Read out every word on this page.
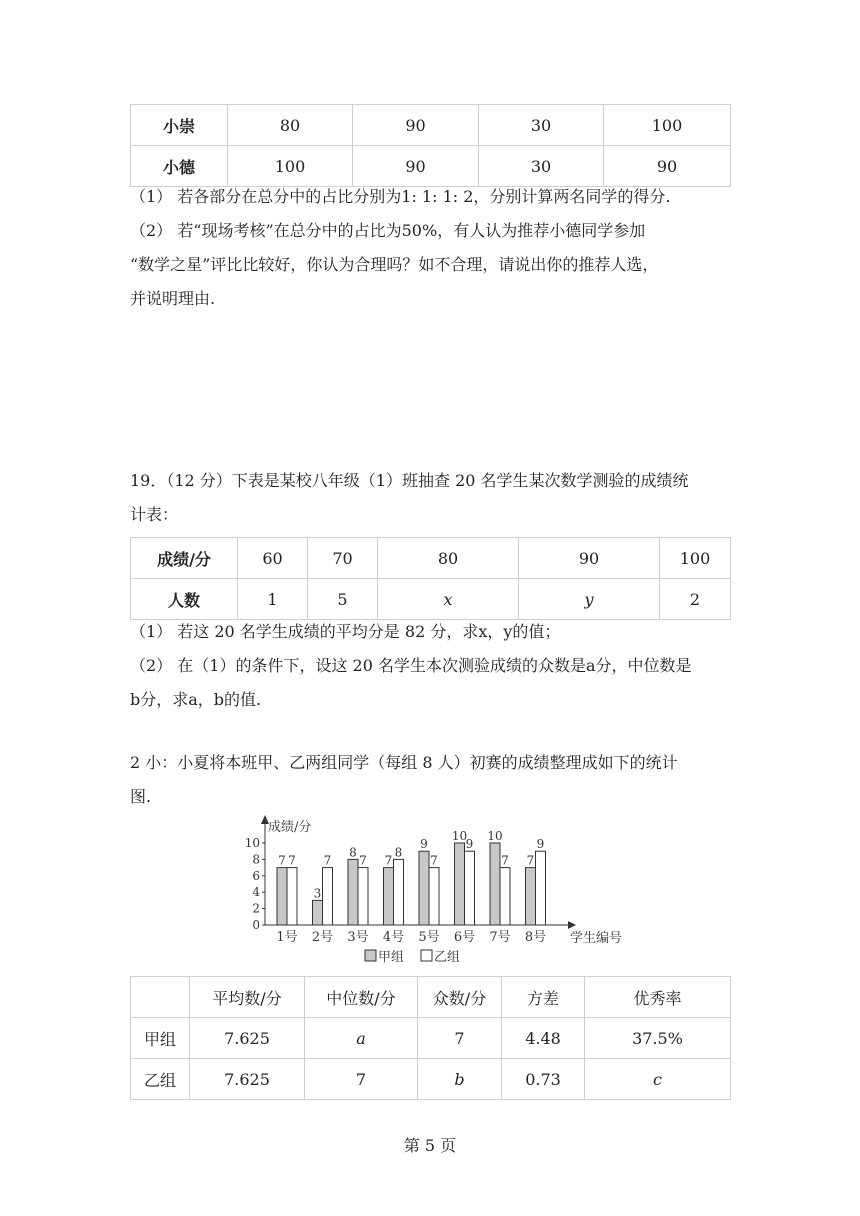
小崇	80	90	30	100
小德	100	90	30	90
（1） 若各部分在总分中的占比分别为1: 1: 1: 2，分别计算两名同学的得分.
（2） 若“现场考核”在总分中的占比为50%，有人认为推荐小德同学参加
“数学之星”评比比较好，你认为合理吗？如不合理，请说出你的推荐人选，
并说明理由.
19．（12 分）下表是某校八年级（1）班抽查 20 名学生某次数学测验的成绩统
计表：
成绩/分	60	70	80	90	100
人数	1	5	x	y	2
（1） 若这 20 名学生成绩的平均分是 82 分，求x，y的值；
（2） 在（1）的条件下，设这 20 名学生本次测验成绩的众数是a分，中位数是
b分，求a，b的值.
2 小：小夏将本班甲、乙两组同学（每组 8 人）初赛的成绩整理成如下的统计
图.
0
2
4
6
8
10
成绩/分
学生编号
7 7
1号
3
7
2号
8
7
3号
7
8
4号
9
7
5号
10
9
6号
10
7
7号
7
9
8号
甲组 乙组
	平均数/分	中位数/分	众数/分	方差	优秀率
甲组	7.625	a	7	4.48	37.5%
乙组	7.625	7	b	0.73	c
第 5 页
